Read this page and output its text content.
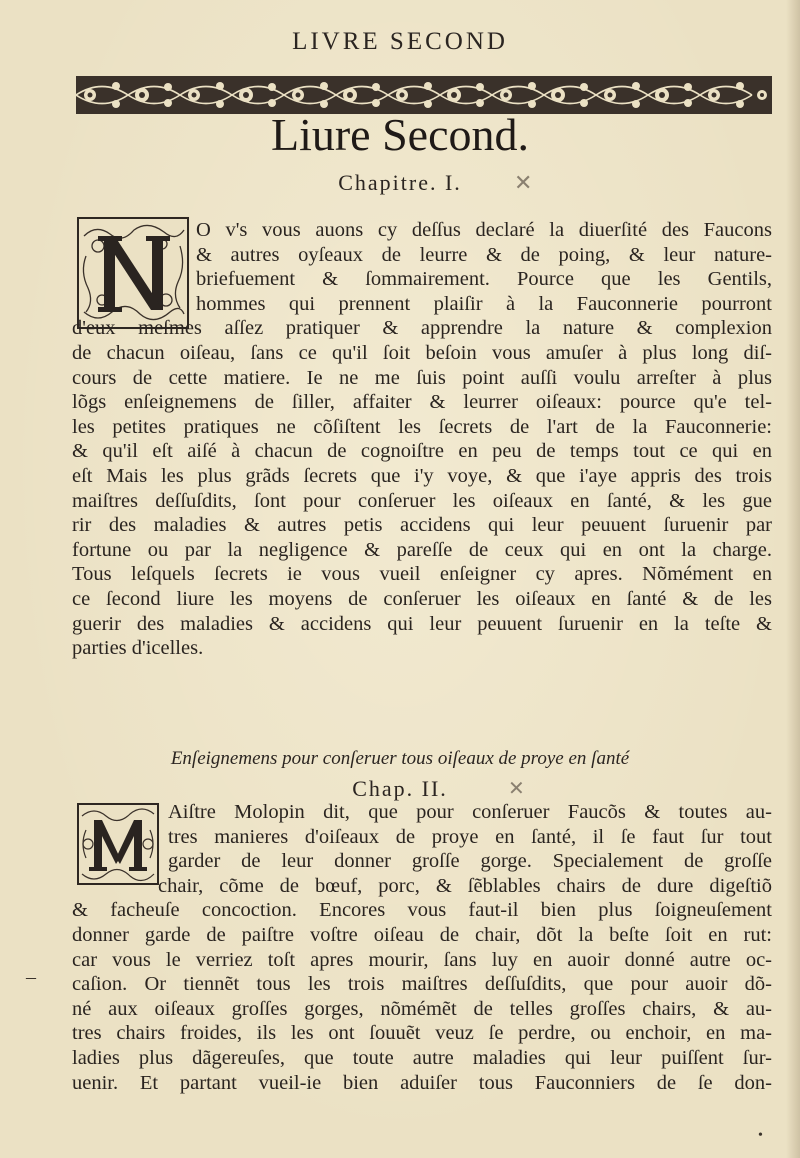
LIVRE SECOND
Liure Second.
Chapitre. I.	✕
O v's vous auons cy deſſus declaré la diuerſité des Faucons
& autres oyſeaux de leurre & de poing, & leur nature-
briefuement & ſommairement. Pource que les Gentils,
hommes qui prennent plaiſir à la Fauconnerie pourront
d'eux meſmes aſſez pratiquer & apprendre la nature & complexion
de chacun oiſeau, ſans ce qu'il ſoit beſoin vous amuſer à plus long diſ-
cours de cette matiere. Ie ne me ſuis point auſſi voulu arreſter à plus
lõgs enſeignemens de ſiller, affaiter & leurrer oiſeaux: pource qu'e tel-
les petites pratiques ne cõſiſtent les ſecrets de l'art de la Fauconnerie:
& qu'il eſt aiſé à chacun de cognoiſtre en peu de temps tout ce qui en
eſt Mais les plus grãds ſecrets que i'y voye, & que i'aye appris des trois
maiſtres deſſuſdits, ſont pour conſeruer les oiſeaux en ſanté, & les gue
rir des maladies & autres petis accidens qui leur peuuent ſuruenir par
fortune ou par la negligence & pareſſe de ceux qui en ont la charge.
Tous leſquels ſecrets ie vous vueil enſeigner cy apres. Nõmément en
ce ſecond liure les moyens de conſeruer les oiſeaux en ſanté & de les
guerir des maladies & accidens qui leur peuuent ſuruenir en la teſte &
parties d'icelles.
Enſeignemens pour conſeruer tous oiſeaux de proye en ſanté
Chap. II.	✕
Aiſtre Molopin dit, que pour conſeruer Faucõs & toutes au-
tres manieres d'oiſeaux de proye en ſanté, il ſe faut ſur tout
garder de leur donner groſſe gorge. Specialement de groſſe
chair, cõme de bœuf, porc, & ſẽblables chairs de dure digeſtiõ
& facheuſe concoction. Encores vous faut-il bien plus ſoigneuſement
donner garde de paiſtre voſtre oiſeau de chair, dõt la beſte ſoit en rut:
car vous le verriez toſt apres mourir, ſans luy en auoir donné autre oc-
caſion. Or tiennẽt tous les trois maiſtres deſſuſdits, que pour auoir dõ-
né aux oiſeaux groſſes gorges, nõmémẽt de telles groſſes chairs, & au-
tres chairs froides, ils les ont ſouuẽt veuz ſe perdre, ou enchoir, en ma-
ladies plus dãgereuſes, que toute autre maladies qui leur puiſſent ſur-
uenir. Et partant vueil-ie bien aduiſer tous Fauconniers de ſe don-
–
•
